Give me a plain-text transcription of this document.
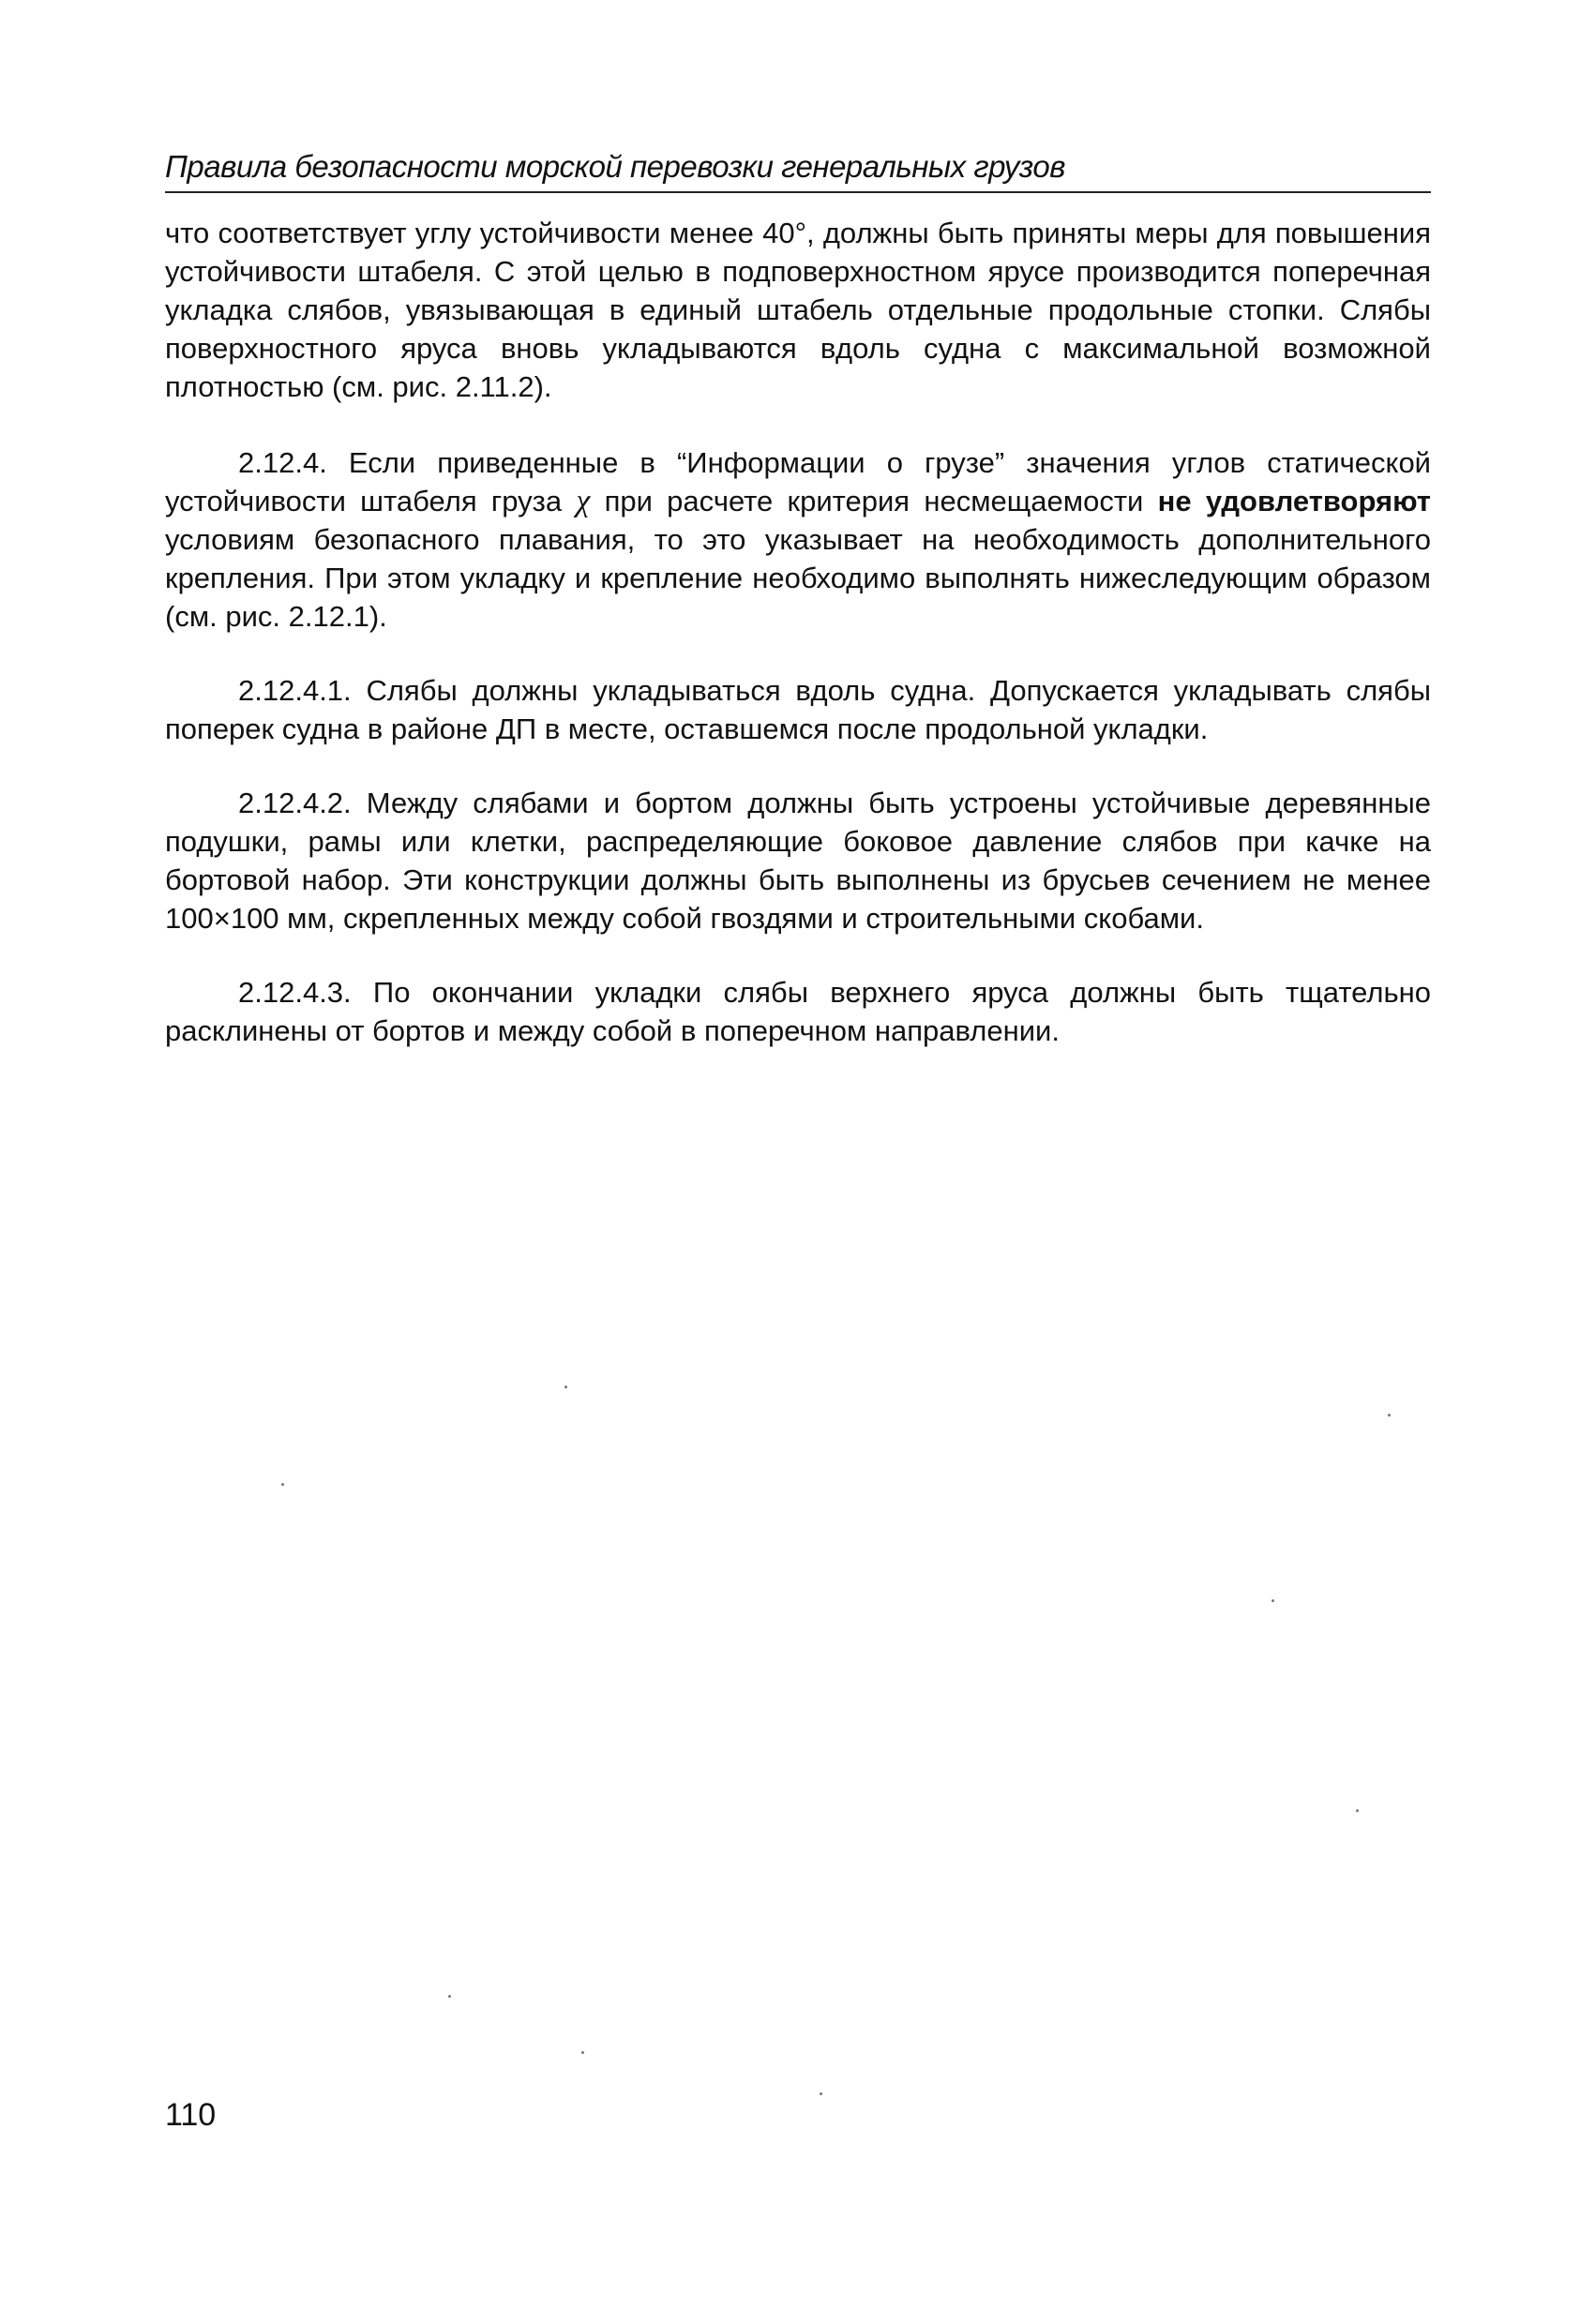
Правила безопасности морской перевозки генеральных грузов

что соответствует углу устойчивости менее 40°, должны быть приняты меры для повышения устойчивости штабеля. С этой целью в подповерхностном ярусе производится поперечная укладка слябов, увязывающая в единый штабель отдельные продольные стопки. Слябы поверхностного яруса вновь укладываются вдоль судна с максимальной возможной плотностью (см. рис. 2.11.2).

2.12.4. Если приведенные в “Информации о грузе” значения углов статической устойчивости штабеля груза χ при расчете критерия несмещаемости не удовлетворяют условиям безопасного плавания, то это указывает на необходимость дополнительного крепления. При этом укладку и крепление необходимо выполнять нижеследующим образом (см. рис. 2.12.1).

2.12.4.1. Слябы должны укладываться вдоль судна. Допускается укладывать слябы поперек судна в районе ДП в месте, оставшемся после продольной укладки.

2.12.4.2. Между слябами и бортом должны быть устроены устойчивые деревянные подушки, рамы или клетки, распределяющие боковое давление слябов при качке на бортовой набор. Эти конструкции должны быть выполнены из брусьев сечением не менее 100×100 мм, скрепленных между собой гвоздями и строительными скобами.

2.12.4.3. По окончании укладки слябы верхнего яруса должны быть тщательно расклинены от бортов и между собой в поперечном направлении.

110
